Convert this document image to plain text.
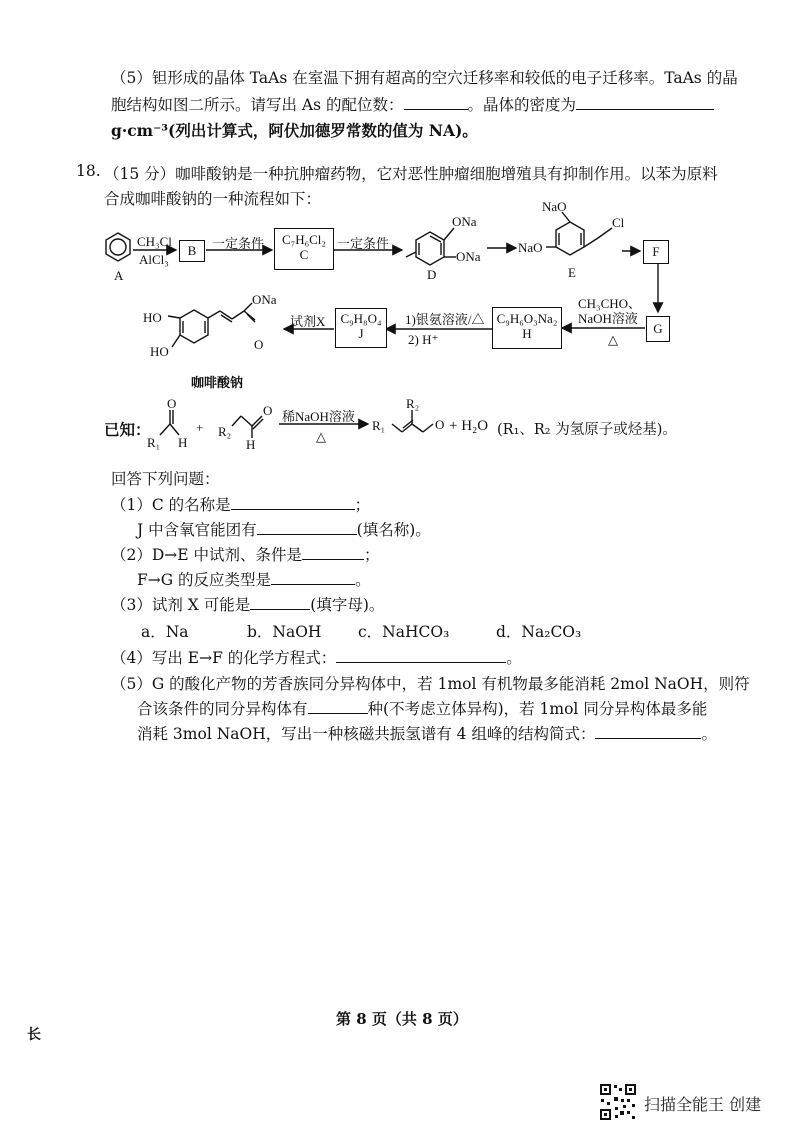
（5）钽形成的晶体 TaAs 在室温下拥有超高的空穴迁移率和较低的电子迁移率。TaAs 的晶
胞结构如图二所示。请写出 As 的配位数：	。晶体的密度为
g·cm⁻³(列出计算式，阿伏加德罗常数的值为 NA)。
18. （15 分）咖啡酸钠是一种抗肿瘤药物，它对恶性肿瘤细胞增殖具有抑制作用。以苯为原料
合成咖啡酸钠的一种流程如下：
A
CH₃Cl
AlCl₃
B	一定条件	C₇H₆Cl₂
C
一定条件
ONa
ONa
D
NaO
NaO
Cl
E
F
CH₃CHO、
NaOH溶液
△
G
C₉H₆O₃Na₂
H
1)银氨溶液/△
2) H⁺
C₉H₈O₄
J
试剂X
ONa
HO
HO	O
咖啡酸钠
已知：
R₁ H
O
+ R₂
H
O 稀NaOH溶液
△
R₁
R₂
O + H₂O (R₁、R₂ 为氢原子或烃基)。
回答下列问题：
（1）C 的名称是	；
J 中含氧官能团有	(填名称)。
（2）D→E 中试剂、条件是	；
F→G 的反应类型是	。
（3）试剂 X 可能是	(填字母)。
a．Na	b．NaOH c．NaHCO₃	d．Na₂CO₃
（4）写出 E→F 的化学方程式：	。
（5）G 的酸化产物的芳香族同分异构体中，若 1mol 有机物最多能消耗 2mol NaOH，则符
合该条件的同分异构体有	种(不考虑立体异构)，若 1mol 同分异构体最多能
消耗 3mol NaOH，写出一种核磁共振氢谱有 4 组峰的结构简式：	。
第 8 页（共 8 页）
长
扫描全能王 创建
